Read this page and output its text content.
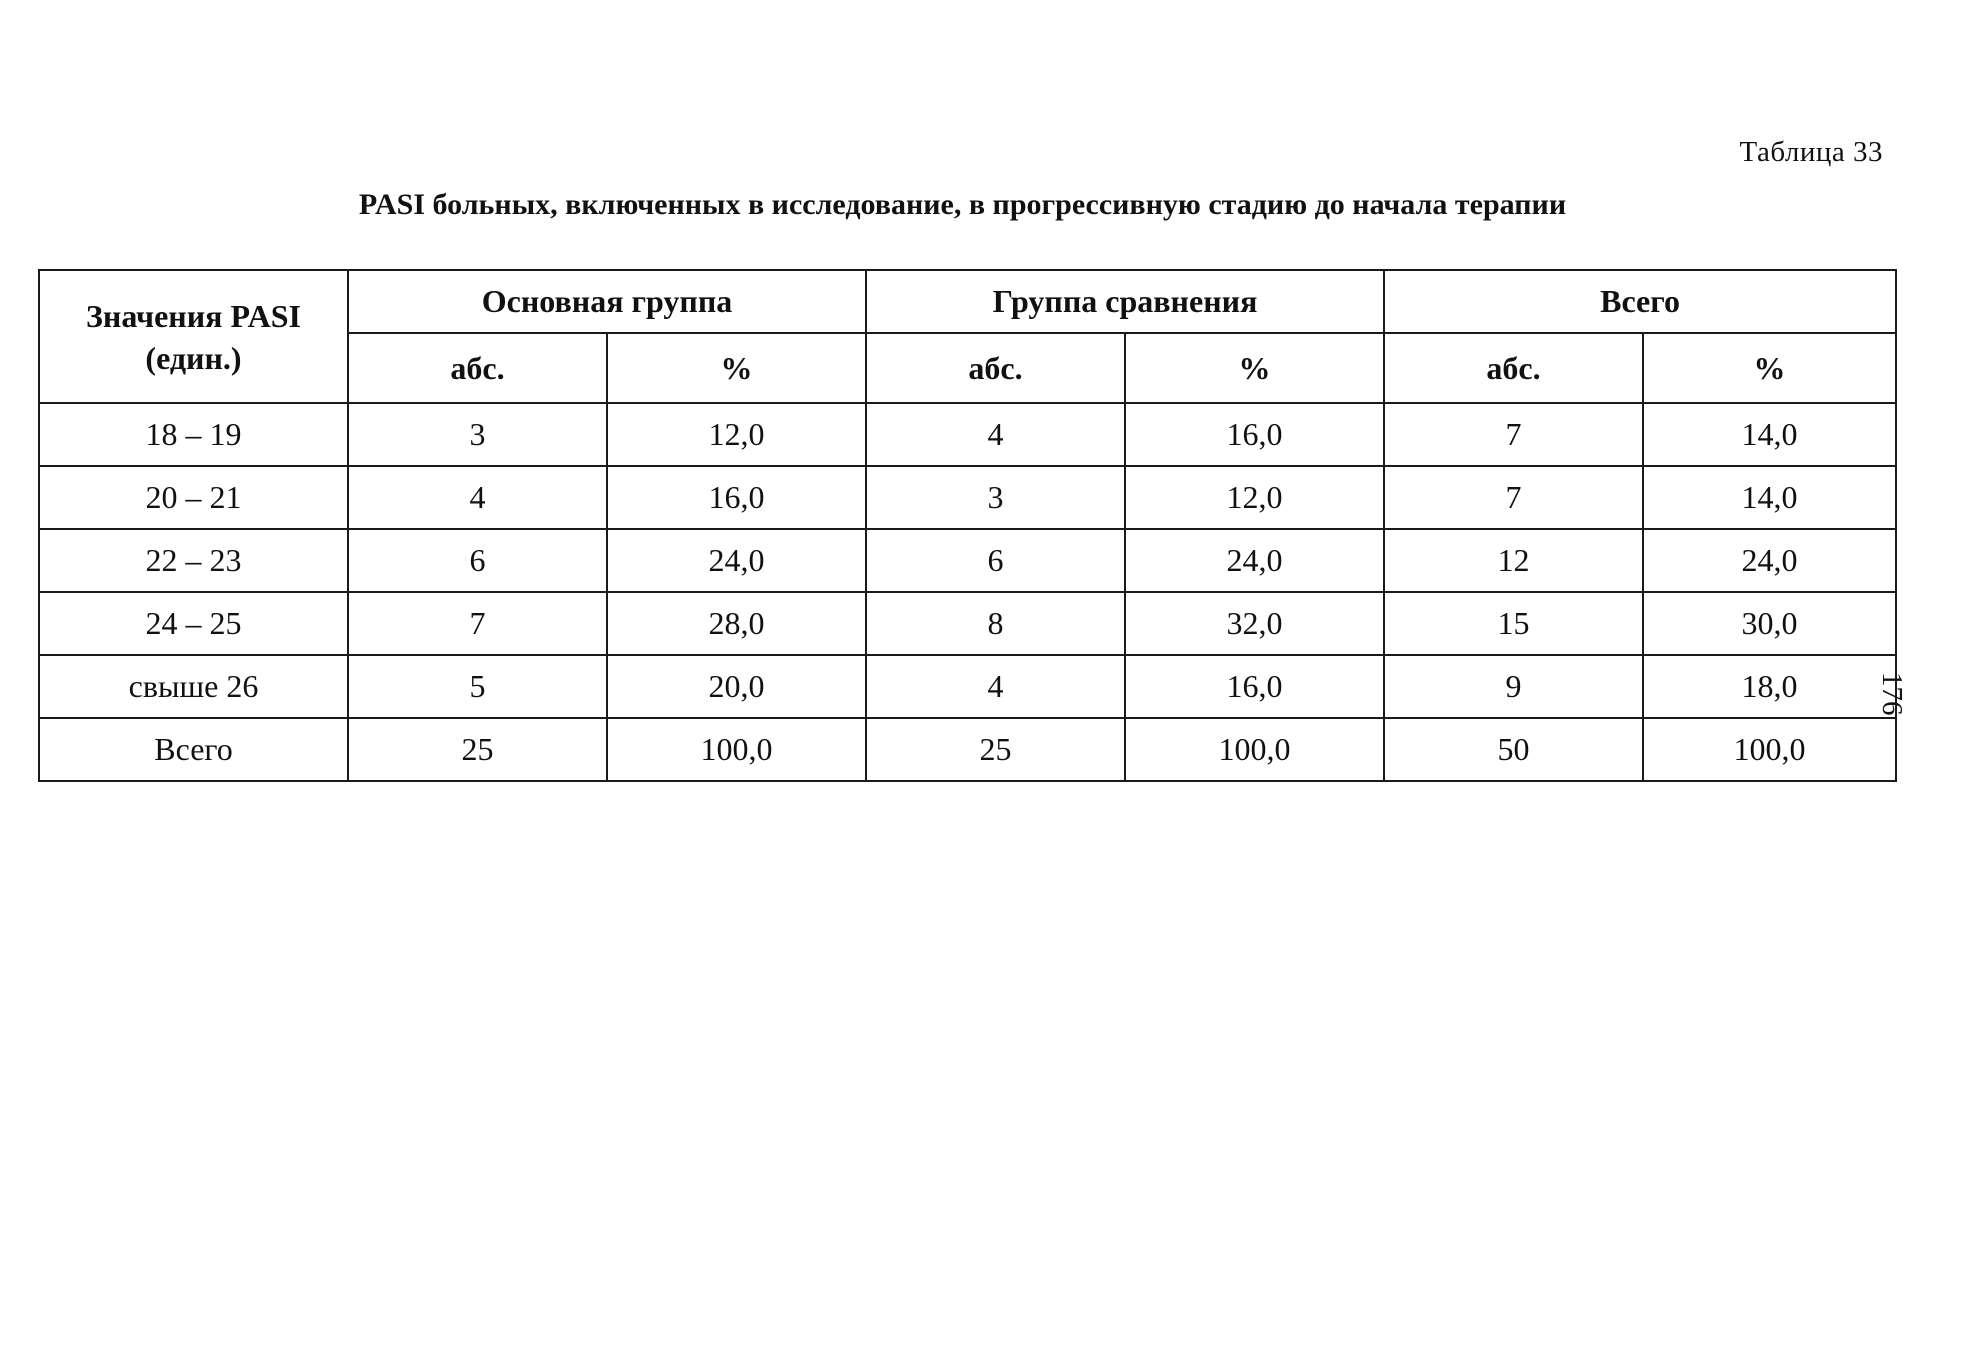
Таблица 33
PASI больных, включенных в исследование, в прогрессивную стадию до начала терапии
Значения PASI
(един.)	Основная группа		Группа сравнения		Всего	
	абс.	%	абс.	%	абс.	%
18 – 19	3	12,0	4	16,0	7	14,0
20 – 21	4	16,0	3	12,0	7	14,0
22 – 23	6	24,0	6	24,0	12	24,0
24 – 25	7	28,0	8	32,0	15	30,0
свыше 26	5	20,0	4	16,0	9	18,0
Всего	25	100,0	25	100,0	50	100,0
176
